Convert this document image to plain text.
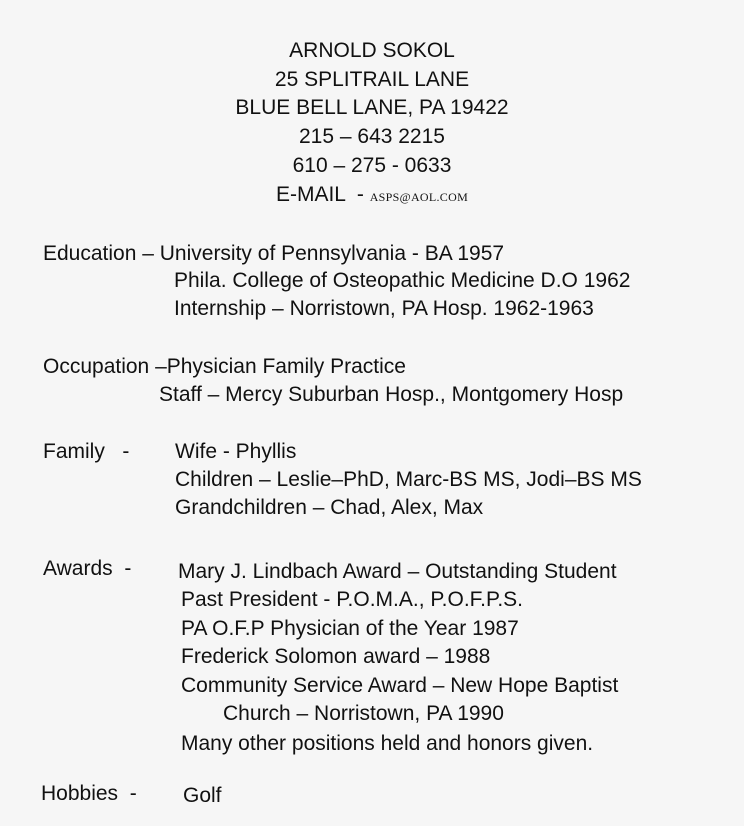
ARNOLD SOKOL
25 SPLITRAIL LANE
BLUE BELL LANE, PA 19422
215 – 643 2215
610 – 275 - 0633
E-MAIL  - ASPS@AOL.COM
Education – University of Pennsylvania - BA 1957
Phila. College of Osteopathic Medicine D.O 1962
Internship – Norristown, PA Hosp. 1962-1963
Occupation –Physician Family Practice
Staff – Mercy Suburban Hosp., Montgomery Hosp
Family   - Wife - Phyllis
Children – Leslie–PhD, Marc-BS MS, Jodi–BS MS
Grandchildren – Chad, Alex, Max
Awards  - Mary J. Lindbach Award – Outstanding Student
Past President - P.O.M.A., P.O.F.P.S.
PA O.F.P Physician of the Year 1987
Frederick Solomon award – 1988
Community Service Award – New Hope Baptist
Church – Norristown, PA 1990
Many other positions held and honors given.
Hobbies  - Golf
